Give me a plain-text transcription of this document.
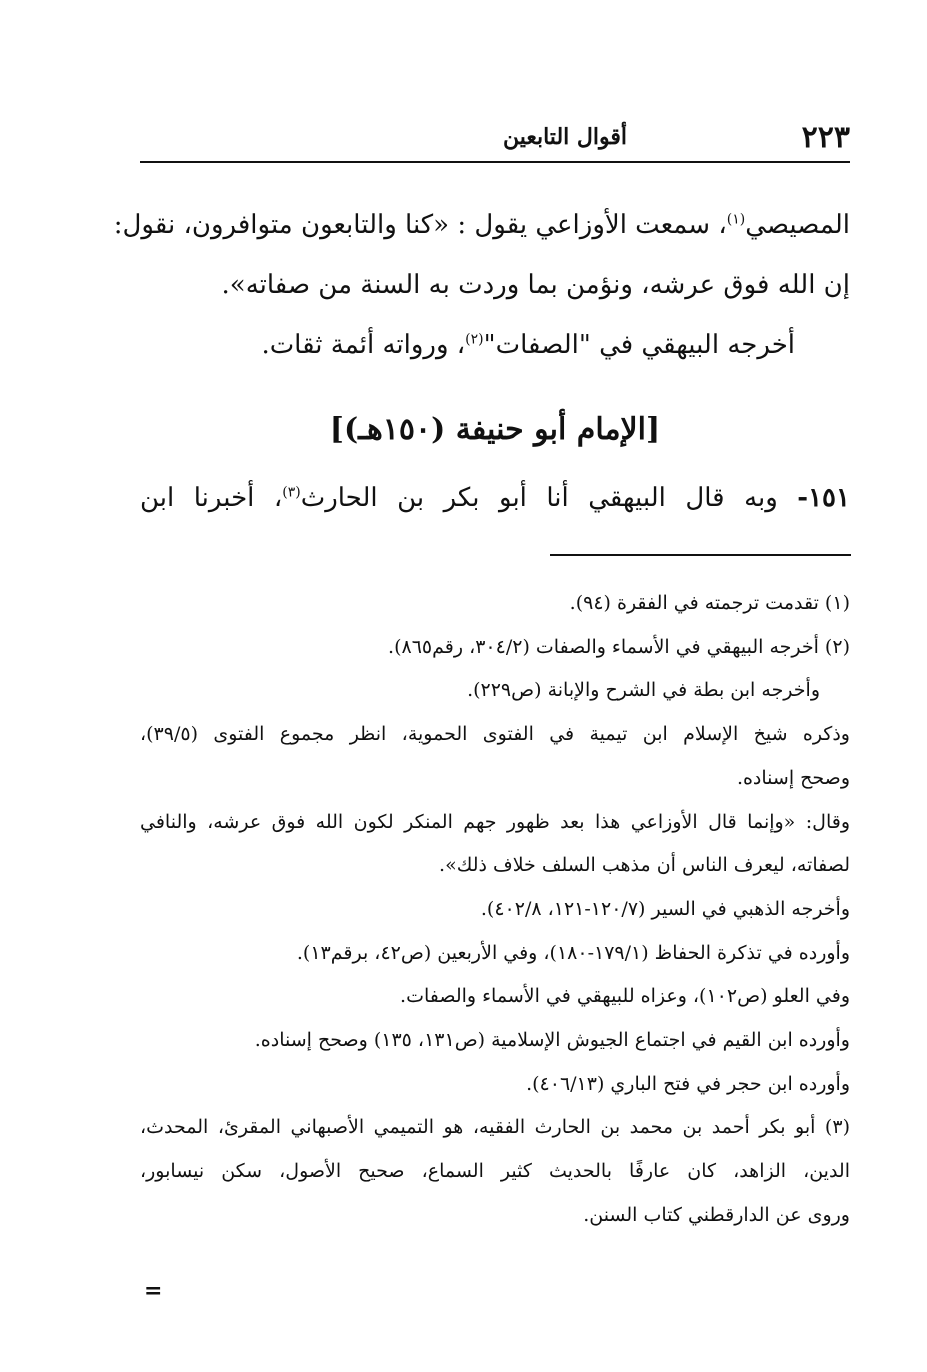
٢٢٣
أقوال التابعين
المصيصي$^{(١)}$، سمعت الأوزاعي يقول : «كنا والتابعون متوافرون، نقول:
إن الله فوق عرشه، ونؤمن بما وردت به السنة من صفاته».
أخرجه البيهقي في "الصفات"$^{(٢)}$، ورواته أئمة ثقات.
[الإمام أبو حنيفة (١٥٠هـ)]
١٥١- وبه قال البيهقي أنا أبو بكر بن الحارث$^{(٣)}$، أخبرنا ابن
(١) تقدمت ترجمته في الفقرة (٩٤).
(٢) أخرجه البيهقي في الأسماء والصفات (٣٠٤/٢، رقم٨٦٥).
وأخرجه ابن بطة في الشرح والإبانة (ص٢٢٩).
وذكره شيخ الإسلام ابن تيمية في الفتوى الحموية، انظر مجموع الفتوى (٣٩/٥)،
وصحح إسناده.
وقال: «وإنما قال الأوزاعي هذا بعد ظهور جهم المنكر لكون الله فوق عرشه، والنافي
لصفاته، ليعرف الناس أن مذهب السلف خلاف ذلك».
وأخرجه الذهبي في السير (١٢٠/٧-١٢١، ٤٠٢/٨).
وأورده في تذكرة الحفاظ (١٧٩/١-١٨٠)، وفي الأربعين (ص٤٢، برقم١٣).
وفي العلو (ص١٠٢)، وعزاه للبيهقي في الأسماء والصفات.
وأورده ابن القيم في اجتماع الجيوش الإسلامية (ص١٣١، ١٣٥) وصحح إسناده.
وأورده ابن حجر في فتح الباري (٤٠٦/١٣).
(٣) أبو بكر أحمد بن محمد بن الحارث الفقيه، هو التميمي الأصبهاني المقرئ، المحدث،
الدين، الزاهد، كان عارفًا بالحديث كثير السماع، صحيح الأصول، سكن نيسابور،
وروى عن الدارقطني كتاب السنن.
=
